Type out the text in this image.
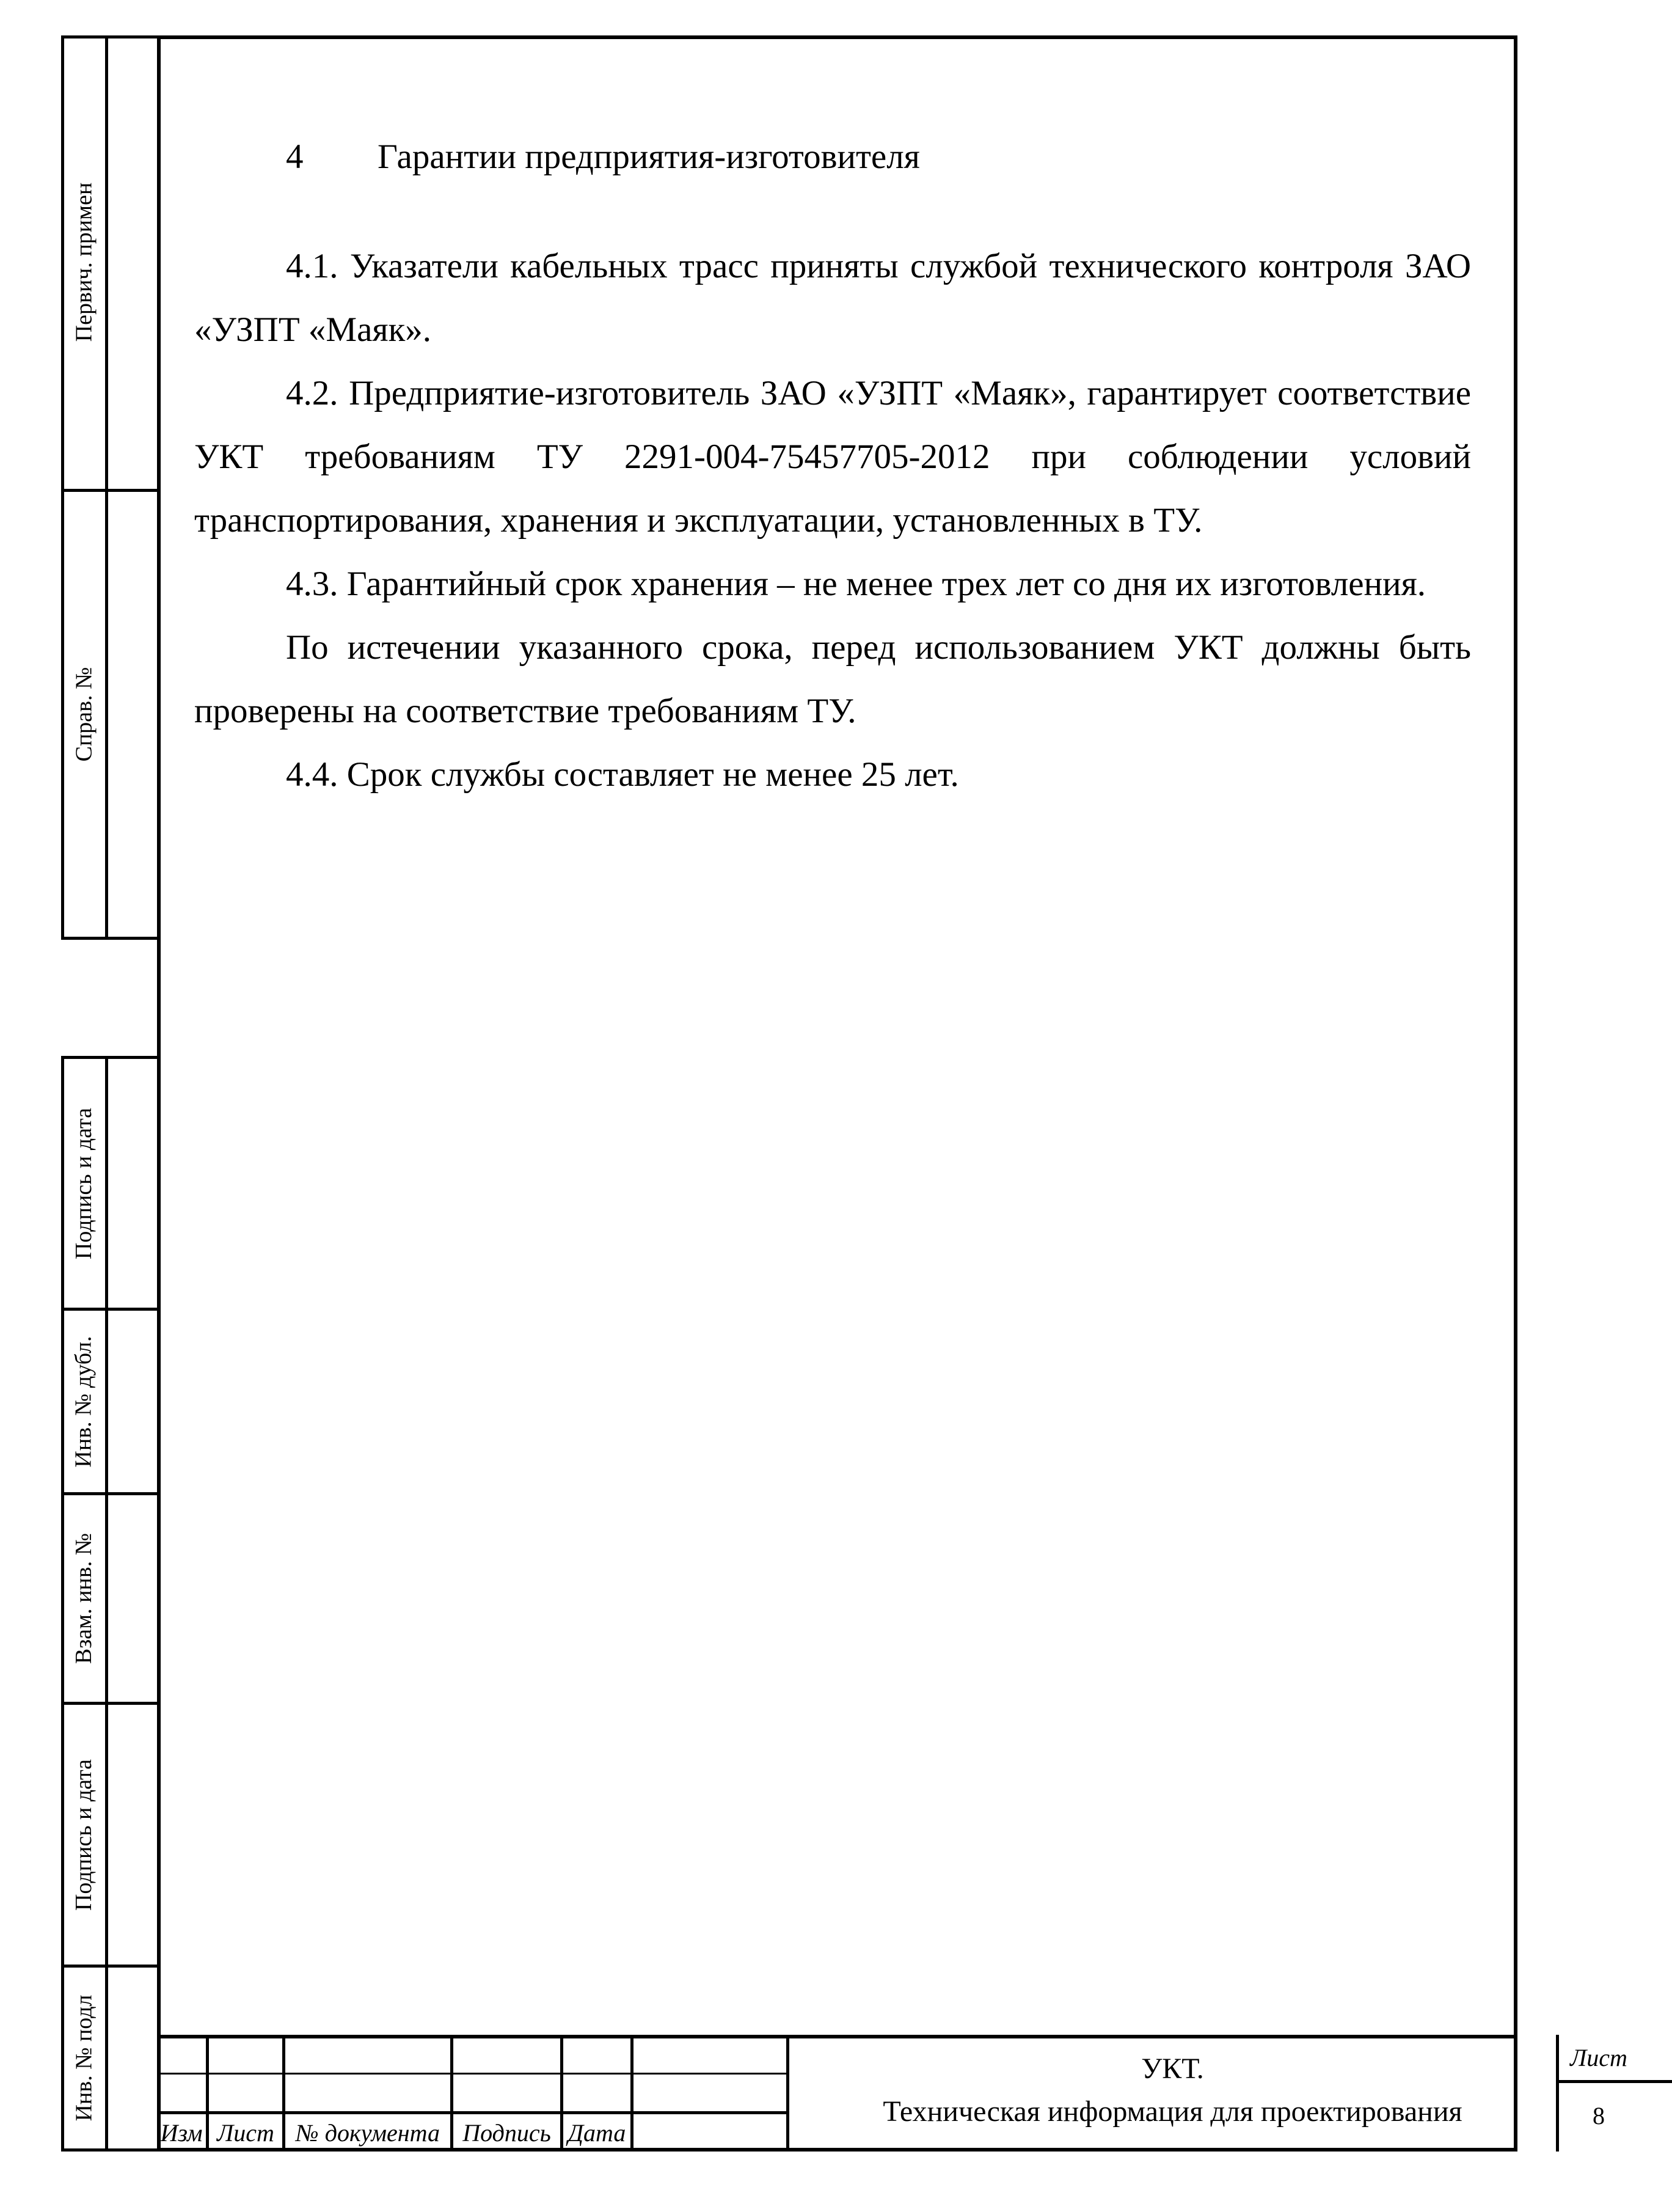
Первич. примен
Справ. №
Подпись и дата
Инв. № дубл.
Взам. инв. №
Подпись и дата
Инв. № подл

4 Гарантии предприятия-изготовителя

4.1. Указатели кабельных трасс приняты службой технического контроля ЗАО «УЗПТ «Маяк».

4.2. Предприятие-изготовитель ЗАО «УЗПТ «Маяк», гарантирует соответствие УКТ требованиям ТУ 2291-004-75457705-2012 при соблюдении условий транспортирования, хранения и эксплуатации, установленных в ТУ.

4.3. Гарантийный срок хранения – не менее трех лет со дня их изготовления.

По истечении указанного срока, перед использованием УКТ должны быть проверены на соответствие требованиям ТУ.

4.4. Срок службы составляет не менее 25 лет.

Изм Лист № документа Подпись Дата
УКТ.
Техническая информация для проектирования
Лист
8
